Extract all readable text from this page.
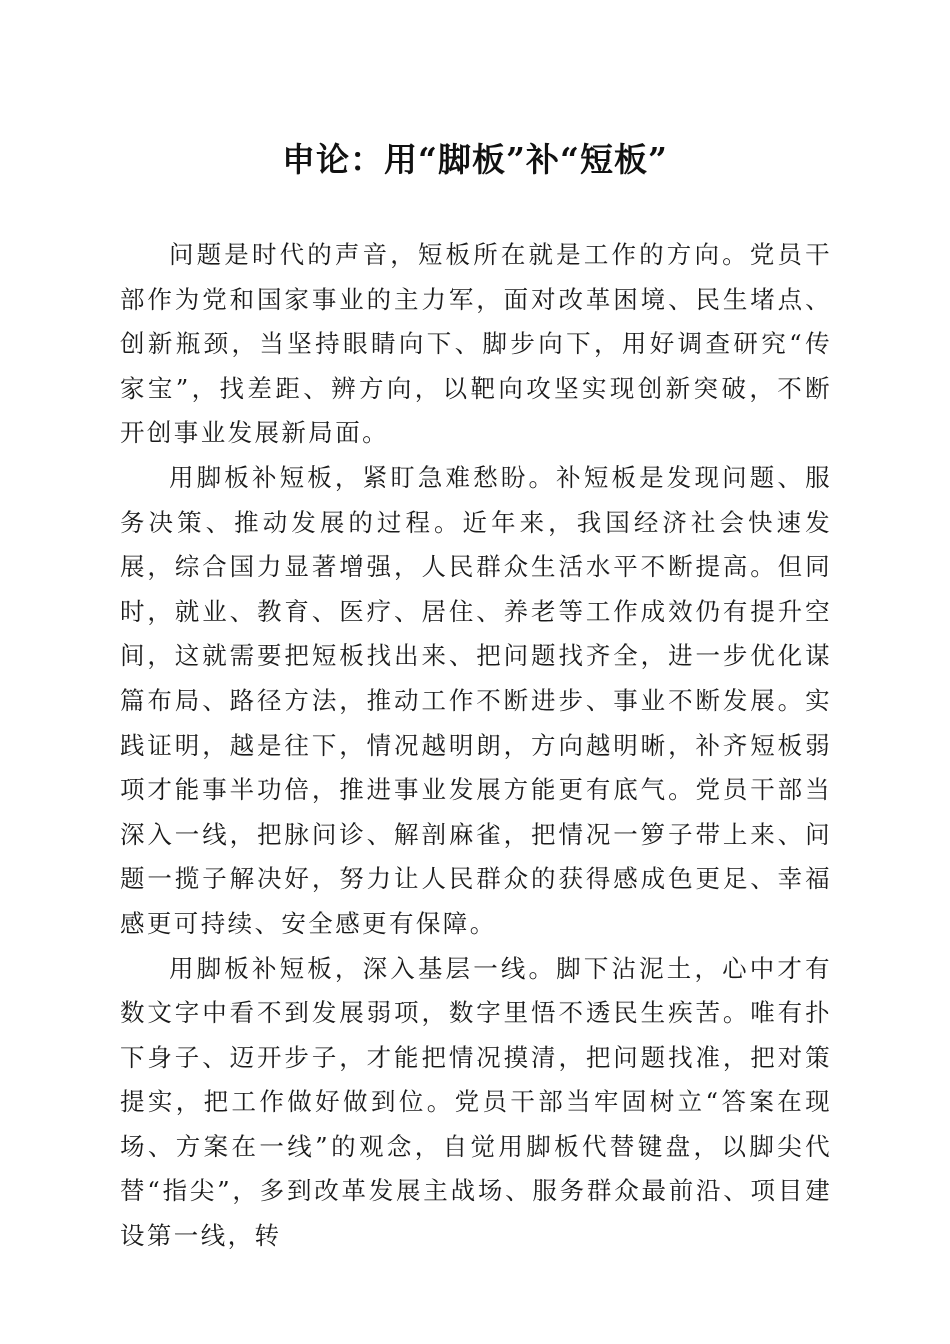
申论：用“脚板”补“短板”

问题是时代的声音，短板所在就是工作的方向。党员干部作为党和国家事业的主力军，面对改革困境、民生堵点、创新瓶颈，当坚持眼睛向下、脚步向下，用好调查研究“传家宝”，找差距、辨方向，以靶向攻坚实现创新突破，不断开创事业发展新局面。

用脚板补短板，紧盯急难愁盼。补短板是发现问题、服务决策、推动发展的过程。近年来，我国经济社会快速发展，综合国力显著增强，人民群众生活水平不断提高。但同时，就业、教育、医疗、居住、养老等工作成效仍有提升空间，这就需要把短板找出来、把问题找齐全，进一步优化谋篇布局、路径方法，推动工作不断进步、事业不断发展。实践证明，越是往下，情况越明朗，方向越明晰，补齐短板弱项才能事半功倍，推进事业发展方能更有底气。党员干部当深入一线，把脉问诊、解剖麻雀，把情况一箩子带上来、问题一揽子解决好，努力让人民群众的获得感成色更足、幸福感更可持续、安全感更有保障。

用脚板补短板，深入基层一线。脚下沾泥土，心中才有数文字中看不到发展弱项，数字里悟不透民生疾苦。唯有扑下身子、迈开步子，才能把情况摸清，把问题找准，把对策提实，把工作做好做到位。党员干部当牢固树立“答案在现场、方案在一线”的观念，自觉用脚板代替键盘，以脚尖代替“指尖”，多到改革发展主战场、服务群众最前沿、项目建设第一线，转
